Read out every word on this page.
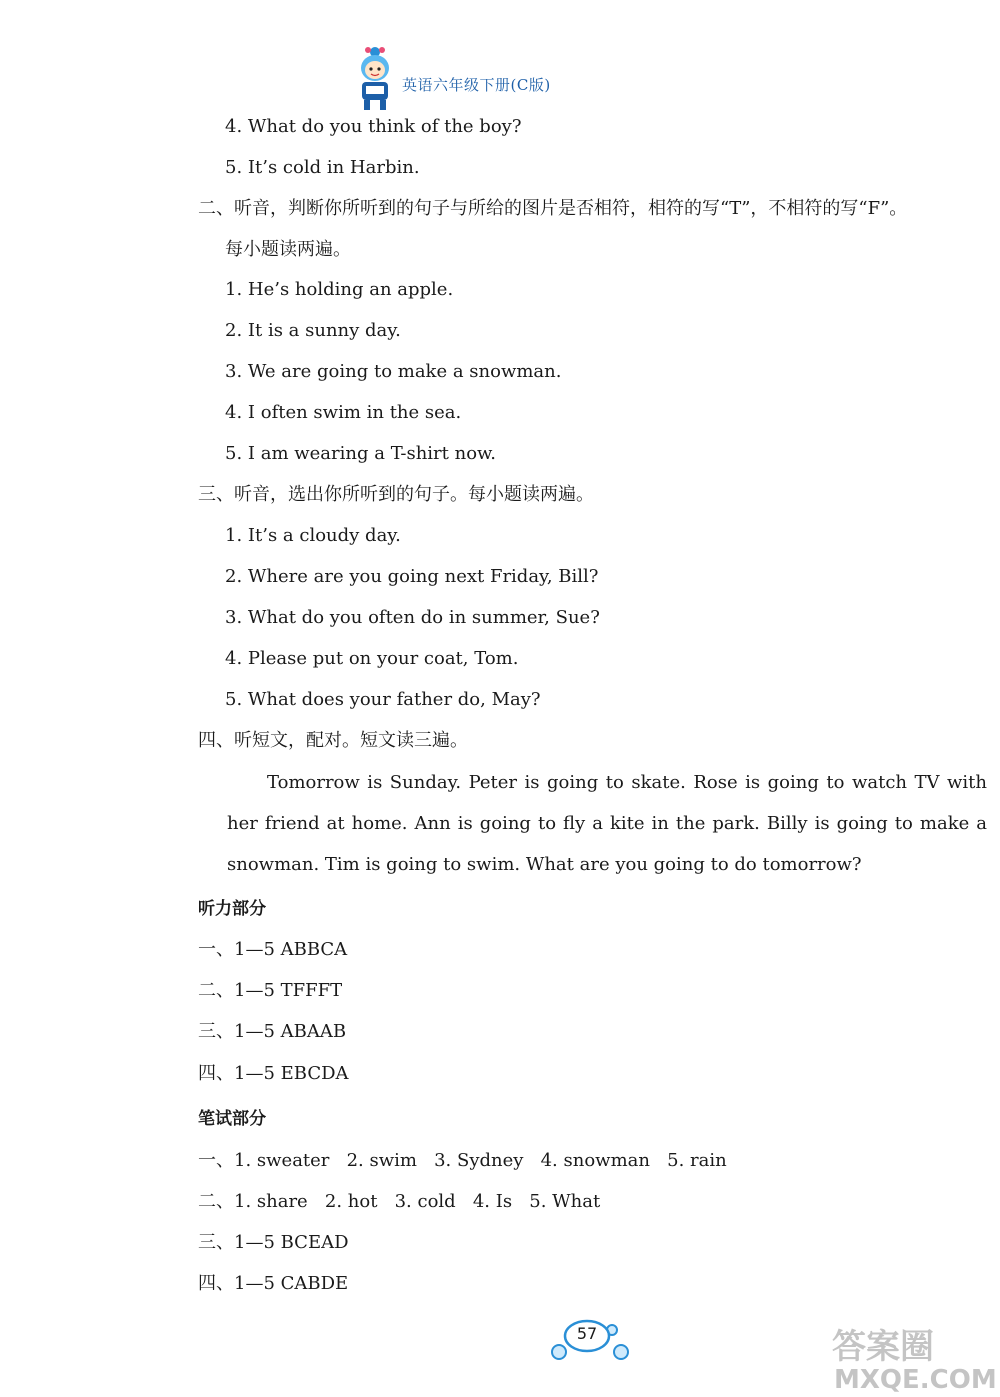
英语六年级下册(C版)
4. What do you think of the boy?
5. It’s cold in Harbin.
二、听音，判断你所听到的句子与所给的图片是否相符，相符的写“T”，不相符的写“F”。
每小题读两遍。
1. He’s holding an apple.
2. It is a sunny day.
3. We are going to make a snowman.
4. I often swim in the sea.
5. I am wearing a T-shirt now.
三、听音，选出你所听到的句子。每小题读两遍。
1. It’s a cloudy day.
2. Where are you going next Friday, Bill?
3. What do you often do in summer, Sue?
4. Please put on your coat, Tom.
5. What does your father do, May?
四、听短文，配对。短文读三遍。
Tomorrow is Sunday. Peter is going to skate. Rose is going to watch TV with her friend at home. Ann is going to fly a kite in the park. Billy is going to make a snowman. Tim is going to swim. What are you going to do tomorrow?
听力部分
一、1—5 ABBCA
二、1—5 TFFFT
三、1—5 ABAAB
四、1—5 EBCDA
笔试部分
一、1. sweater   2. swim   3. Sydney   4. snowman   5. rain
二、1. share   2. hot   3. cold   4. Is   5. What
三、1—5 BCEAD
四、1—5 CABDE
57	答案圈
MXQE.COM
